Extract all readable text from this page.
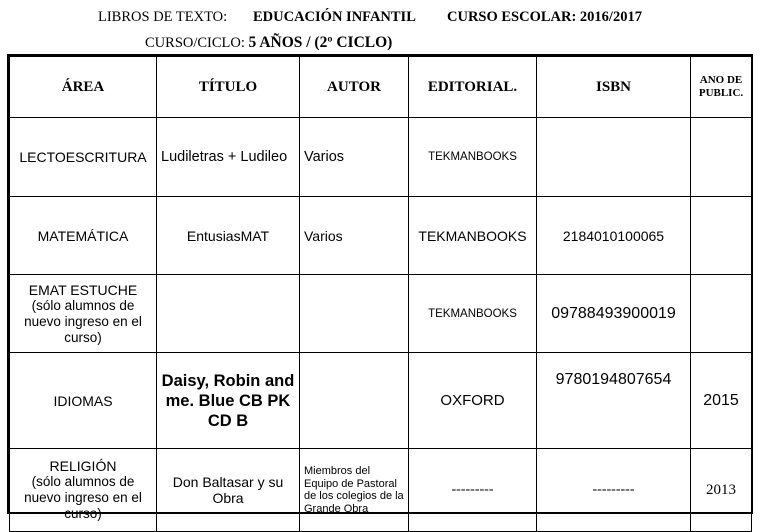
LIBROS DE TEXTO: EDUCACIÓN INFANTIL CURSO ESCOLAR: 2016/2017
CURSO/CICLO: 5 AÑOS / (2º CICLO)
ÁREA	TÍTULO	AUTOR	EDITORIAL.	ISBN	ANO DE PUBLIC.
LECTOESCRITURA	Ludiletras + Ludileo	Varios	TEKMANBOOKS		
MATEMÁTICA	EntusiasMAT	Varios	TEKMANBOOKS	2184010100065	

EMAT ESTUCHE
(sólo alumnos de nuevo ingreso en el curso)			TEKMANBOOKS	09788493900019	
IDIOMAS	Daisy, Robin and me. Blue CB PK CD B		OXFORD	9780194807654	2015

RELIGIÓN
(sólo alumnos de nuevo ingreso en el curso)	Don Baltasar y su Obra	Miembros del Equipo de Pastoral de los colegios de la Grande Obra	---------	---------	2013
